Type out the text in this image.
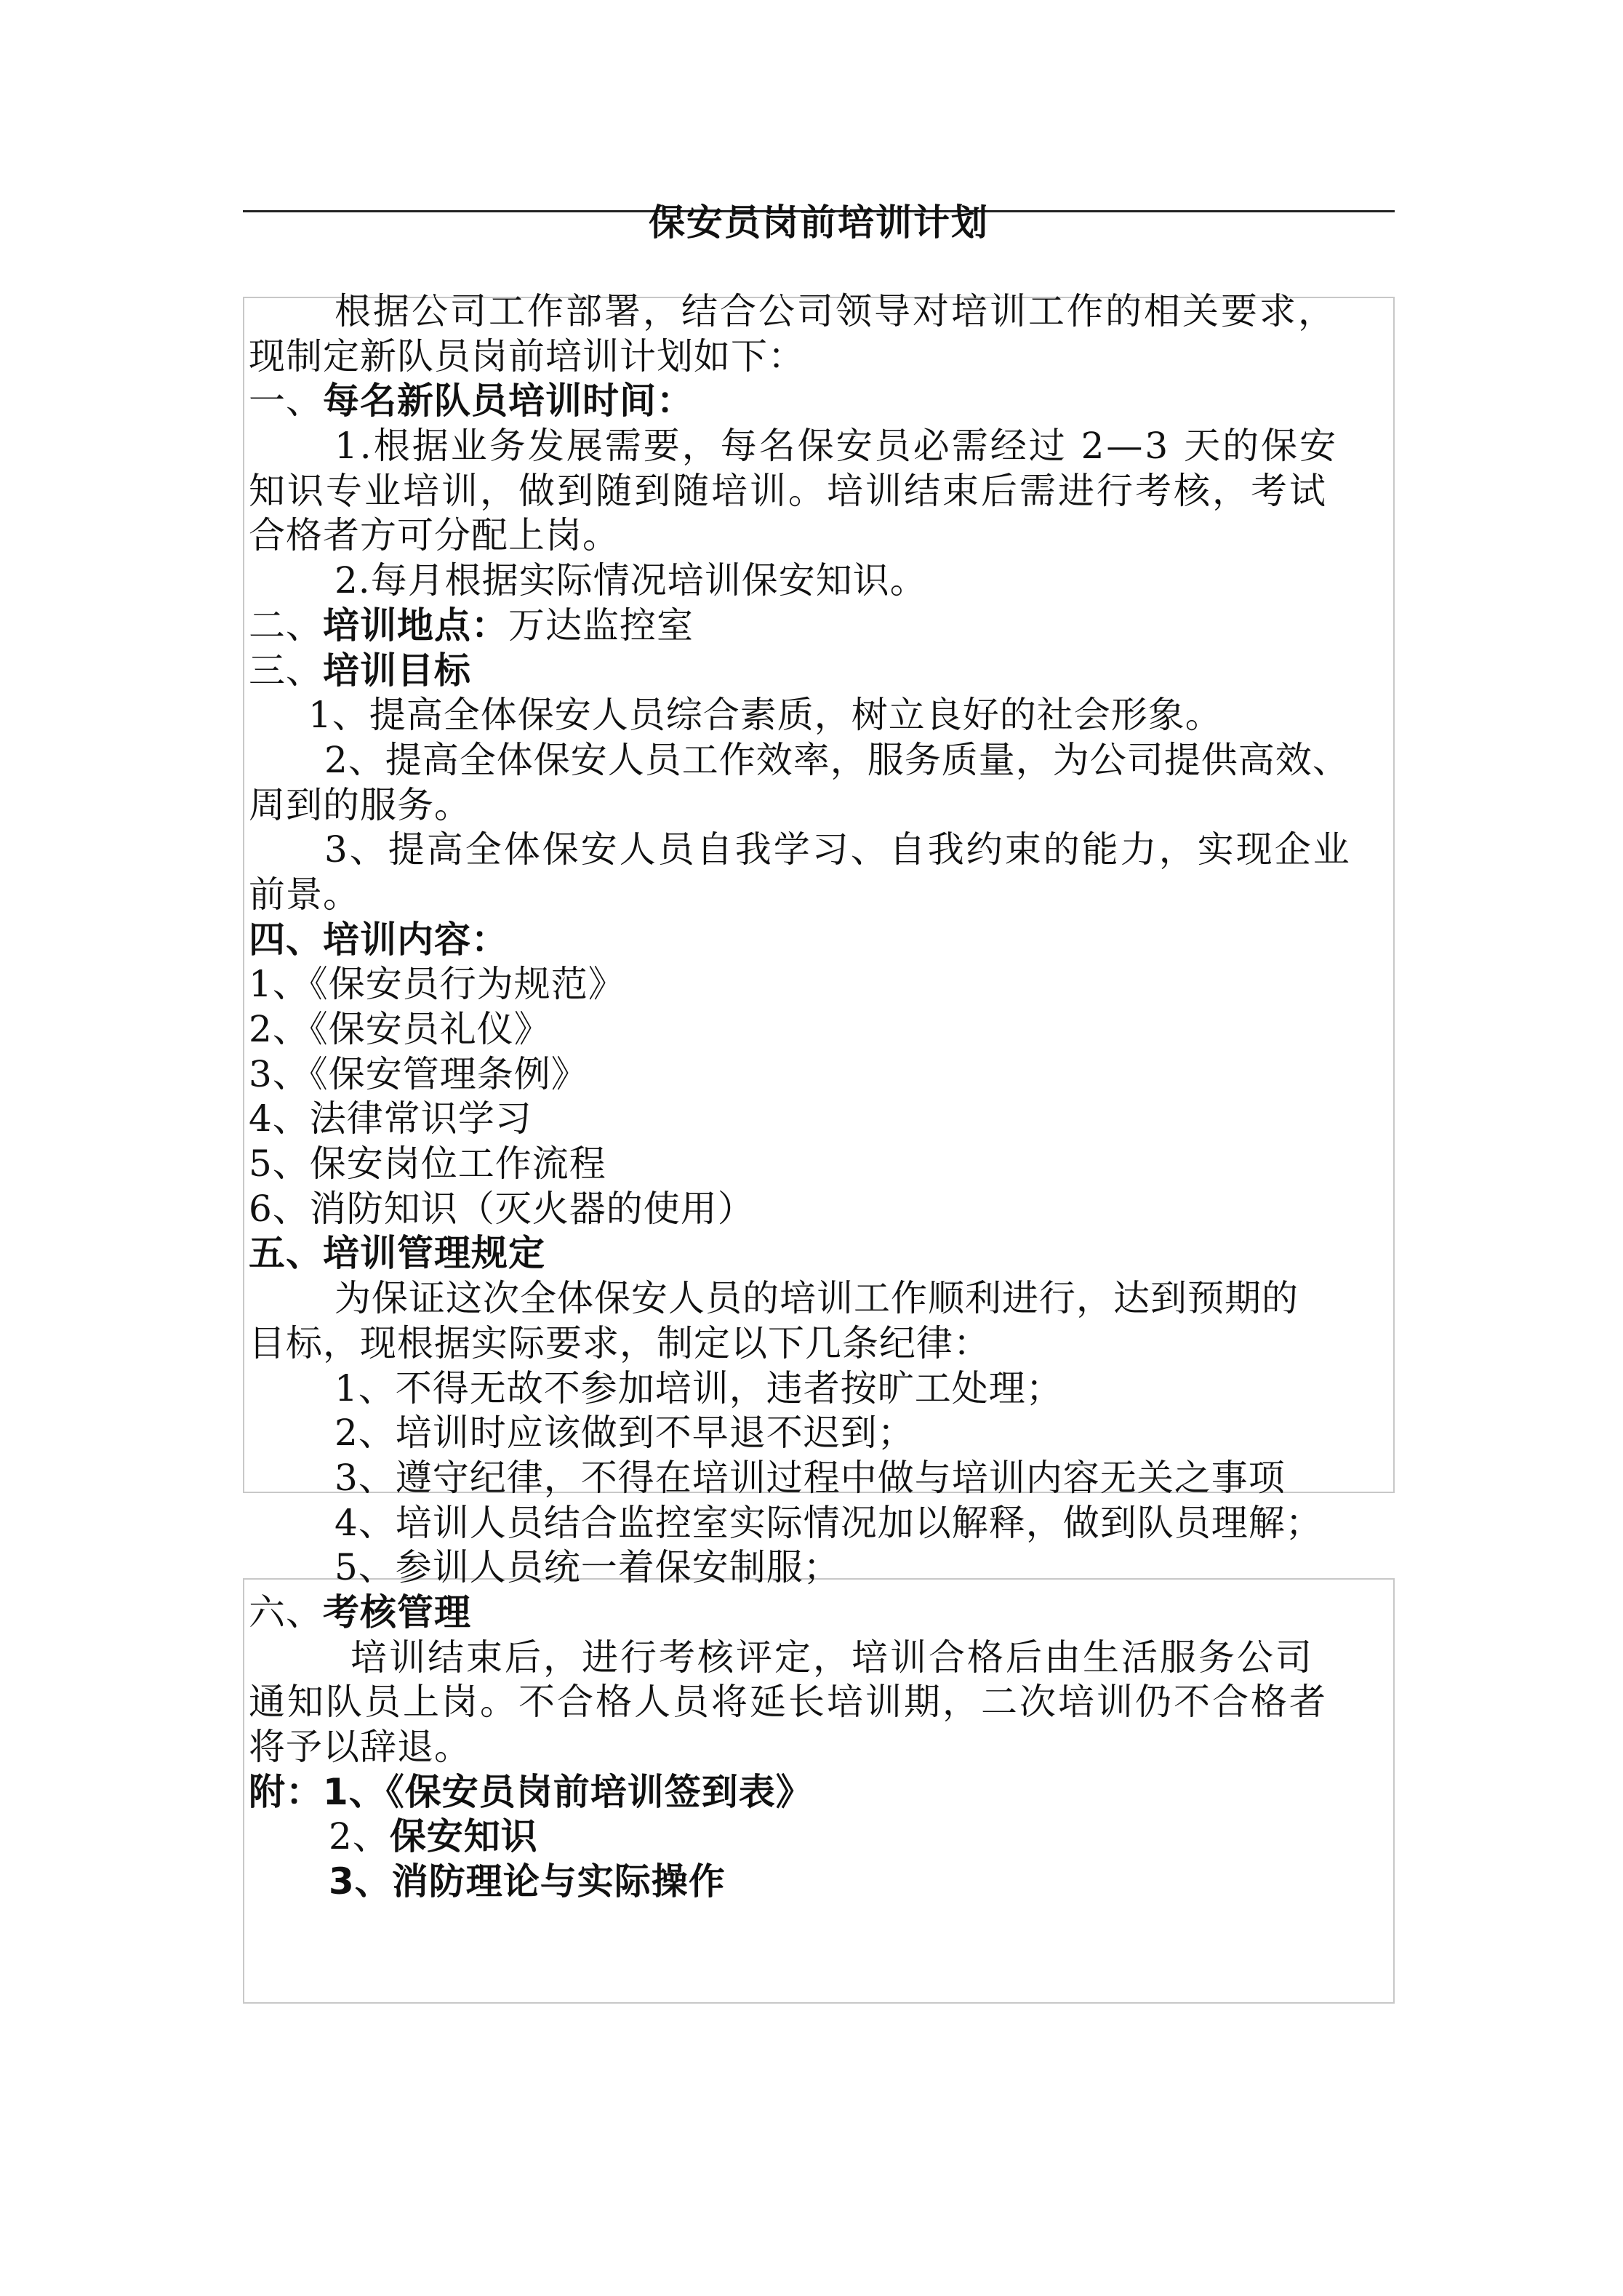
保安员岗前培训计划
根据公司工作部署，结合公司领导对培训工作的相关要求，
现制定新队员岗前培训计划如下：
一、每名新队员培训时间：
1.根据业务发展需要，每名保安员必需经过 2—3 天的保安
知识专业培训，做到随到随培训。培训结束后需进行考核，考试
合格者方可分配上岗。
2.每月根据实际情况培训保安知识。
二、培训地点：万达监控室
三、培训目标
1、提高全体保安人员综合素质，树立良好的社会形象。
2、提高全体保安人员工作效率，服务质量，为公司提供高效、
周到的服务。
3、提高全体保安人员自我学习、自我约束的能力，实现企业
前景。
四、培训内容：
1、《保安员行为规范》
2、《保安员礼仪》
3、《保安管理条例》
4、法律常识学习
5、保安岗位工作流程
6、消防知识（灭火器的使用）
五、培训管理规定
为保证这次全体保安人员的培训工作顺利进行，达到预期的
目标，现根据实际要求，制定以下几条纪律：
1、不得无故不参加培训，违者按旷工处理；
2、培训时应该做到不早退不迟到；
3、遵守纪律，不得在培训过程中做与培训内容无关之事项
4、培训人员结合监控室实际情况加以解释，做到队员理解；
5、参训人员统一着保安制服；
六、考核管理
培训结束后，进行考核评定，培训合格后由生活服务公司
通知队员上岗。不合格人员将延长培训期，二次培训仍不合格者
将予以辞退。
附：1、《保安员岗前培训签到表》
2、保安知识
3、消防理论与实际操作
